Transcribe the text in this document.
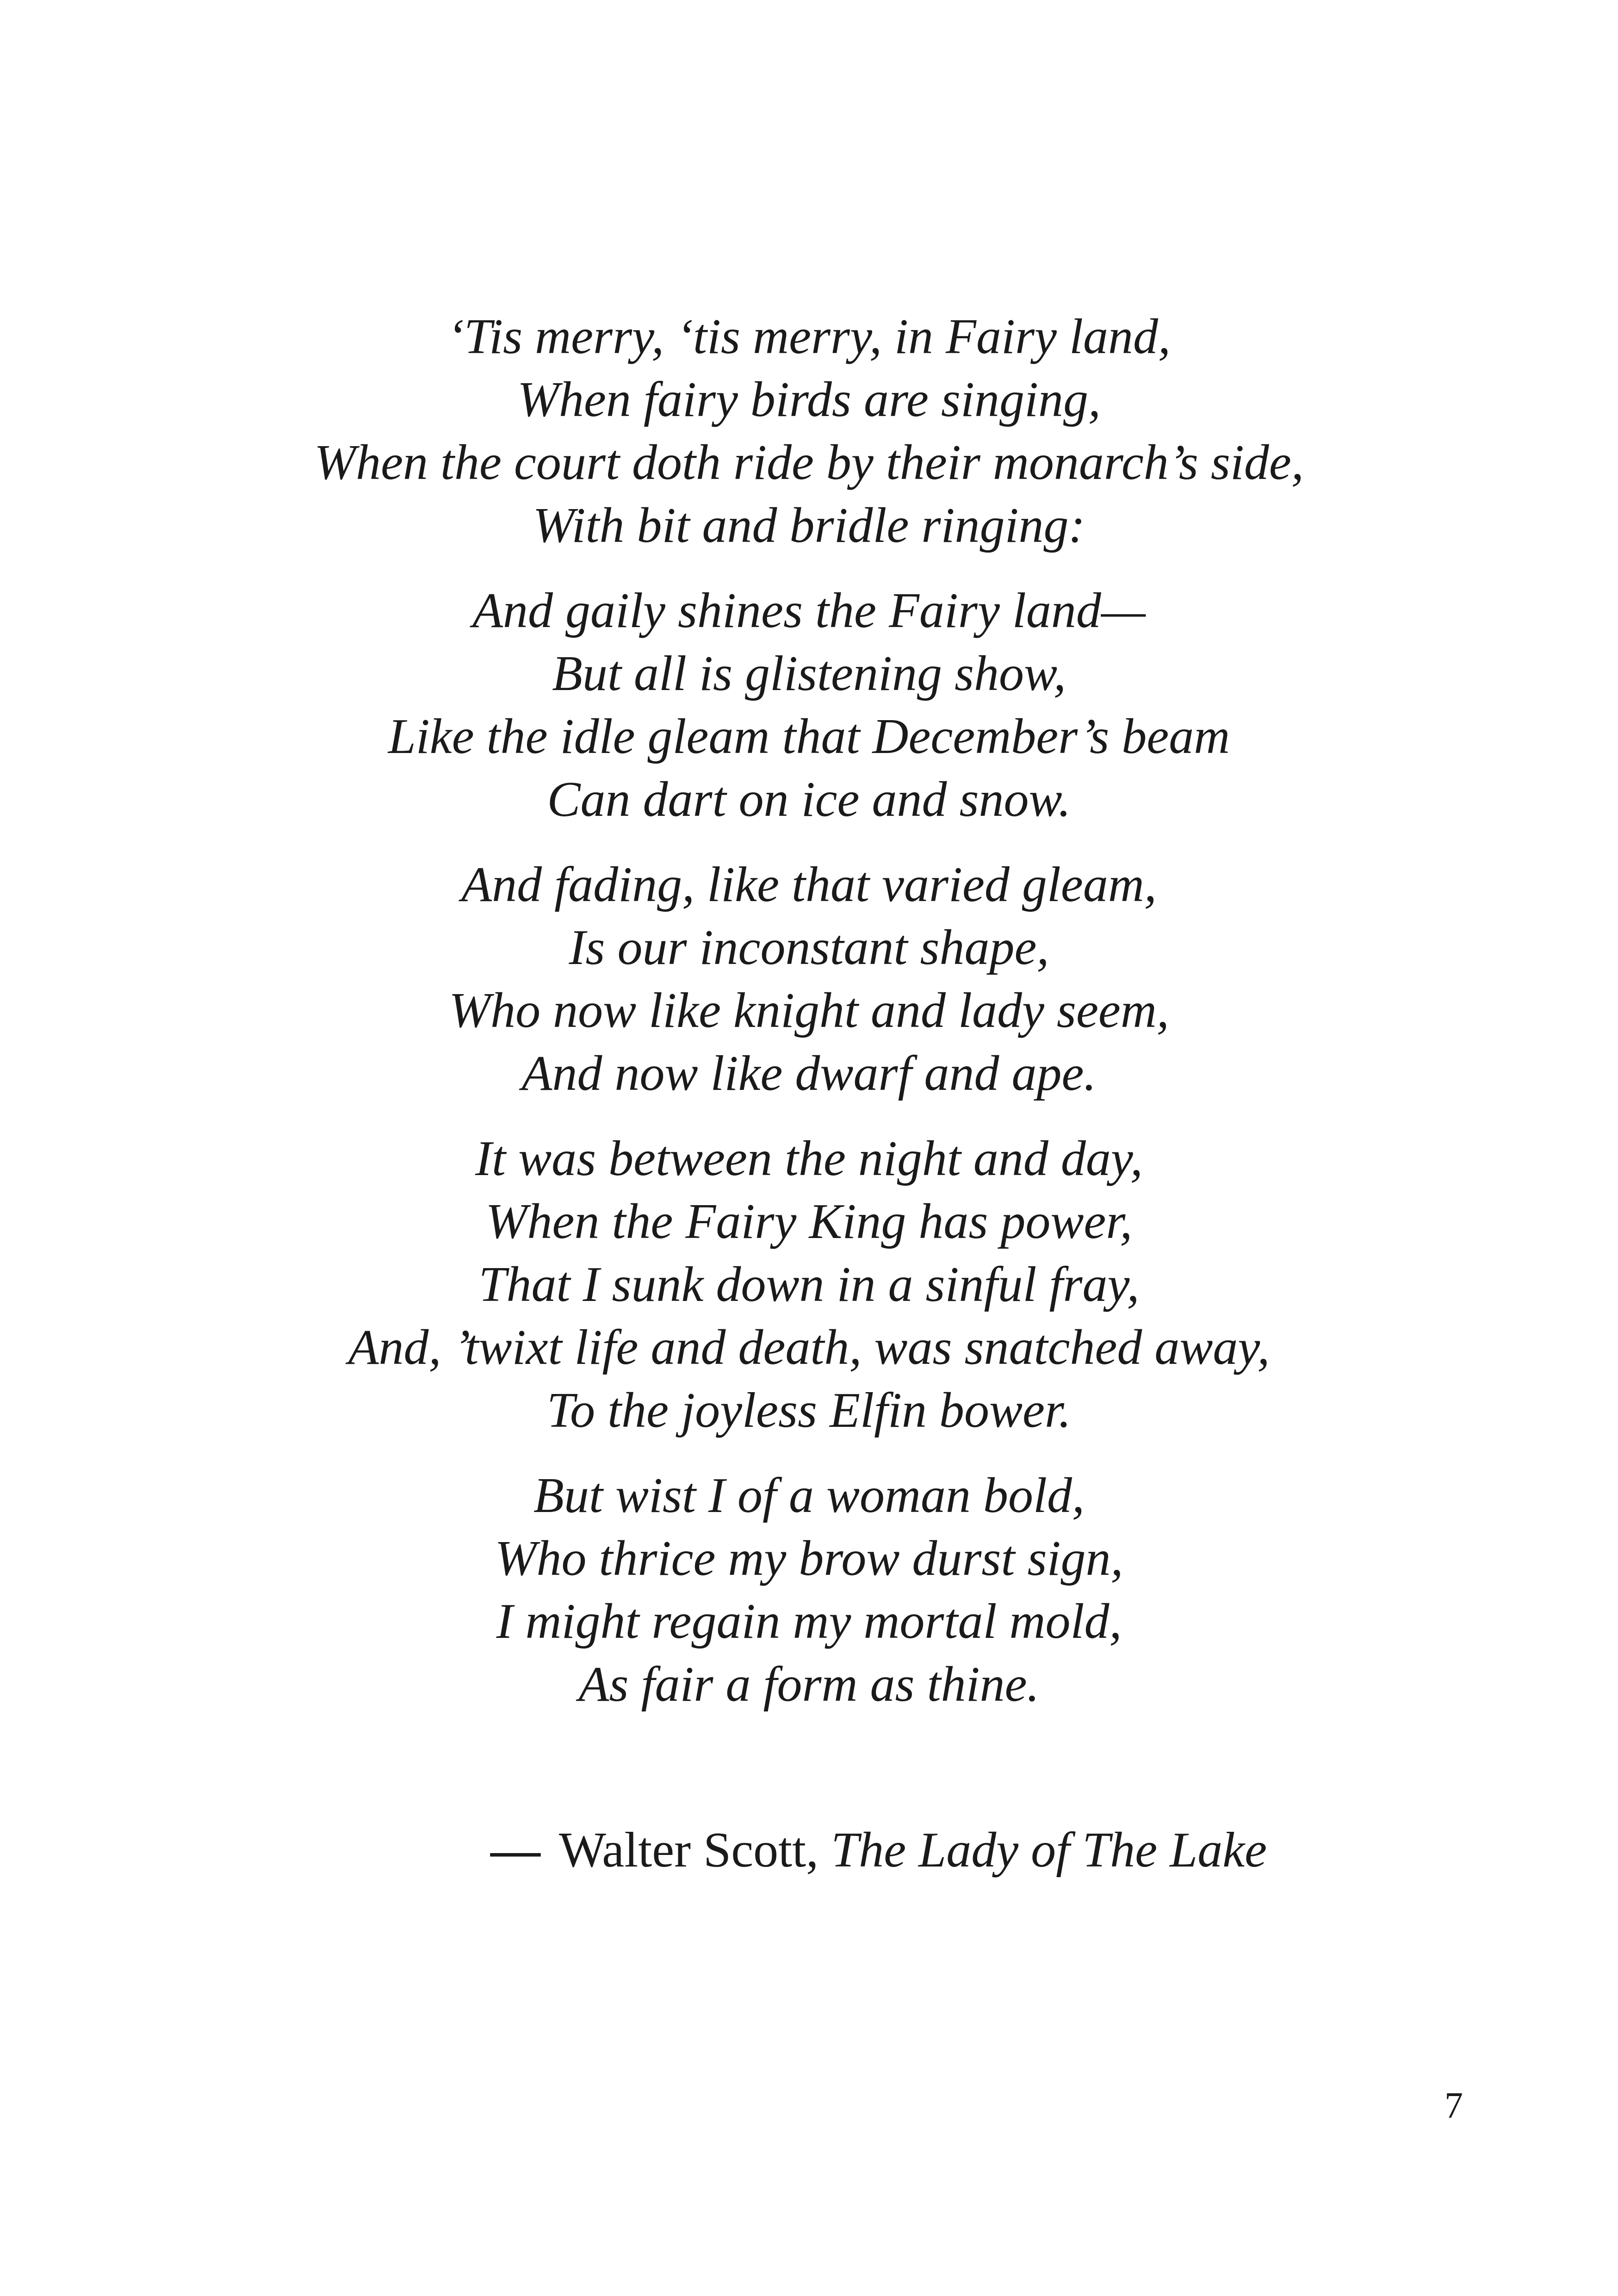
‘Tis merry, ‘tis merry, in Fairy land,
When fairy birds are singing,
When the court doth ride by their monarch’s side,
With bit and bridle ringing:
And gaily shines the Fairy land—
But all is glistening show,
Like the idle gleam that December’s beam
Can dart on ice and snow.
And fading, like that varied gleam,
Is our inconstant shape,
Who now like knight and lady seem,
And now like dwarf and ape.
It was between the night and day,
When the Fairy King has power,
That I sunk down in a sinful fray,
And, ’twixt life and death, was snatched away,
To the joyless Elfin bower.
But wist I of a woman bold,
Who thrice my brow durst sign,
I might regain my mortal mold,
As fair a form as thine.
— Walter Scott, The Lady of The Lake
7
